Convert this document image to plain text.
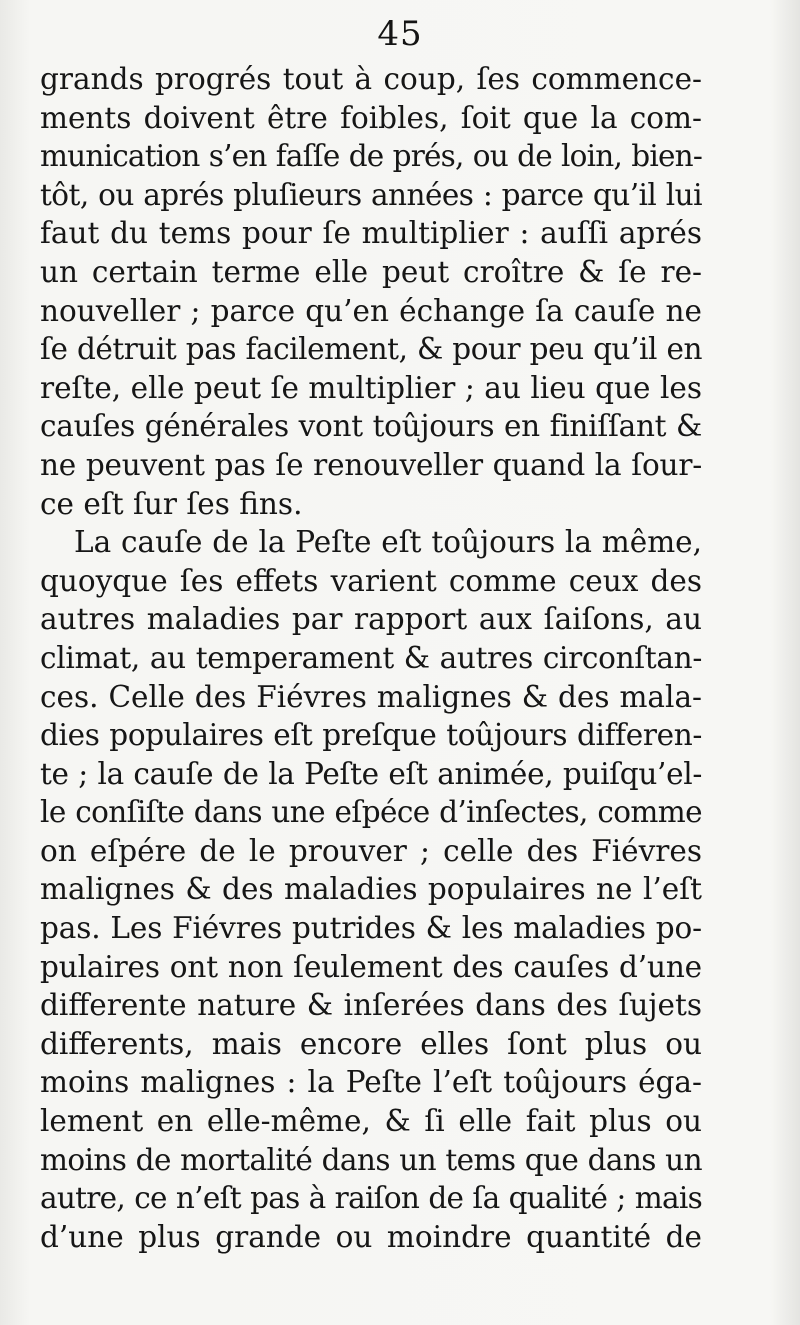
45
grands progrés tout à coup, ſes commence-
ments doivent être foibles, ſoit que la com-
munication s’en faſſe de prés, ou de loin, bien-
tôt, ou aprés pluſieurs années : parce qu’il lui
faut du tems pour ſe multiplier : auſſi aprés
un certain terme elle peut croître & ſe re-
nouveller ; parce qu’en échange ſa cauſe ne
ſe détruit pas facilement, & pour peu qu’il en
reſte, elle peut ſe multiplier ; au lieu que les
cauſes générales vont toûjours en finiſſant &
ne peuvent pas ſe renouveller quand la ſour-
ce eſt ſur ſes fins.
La cauſe de la Peſte eſt toûjours la même,
quoyque ſes effets varient comme ceux des
autres maladies par rapport aux ſaiſons, au
climat, au temperament & autres circonſtan-
ces. Celle des Fiévres malignes & des mala-
dies populaires eſt preſque toûjours differen-
te ; la cauſe de la Peſte eſt animée, puiſqu’el-
le conſiſte dans une eſpéce d’inſectes, comme
on eſpére de le prouver ; celle des Fiévres
malignes & des maladies populaires ne l’eſt
pas. Les Fiévres putrides & les maladies po-
pulaires ont non ſeulement des cauſes d’une
differente nature & inſerées dans des ſujets
differents, mais encore elles ſont plus ou
moins malignes : la Peſte l’eſt toûjours éga-
lement en elle-même, & ſi elle fait plus ou
moins de mortalité dans un tems que dans un
autre, ce n’eſt pas à raiſon de ſa qualité ; mais
d’une plus grande ou moindre quantité de
